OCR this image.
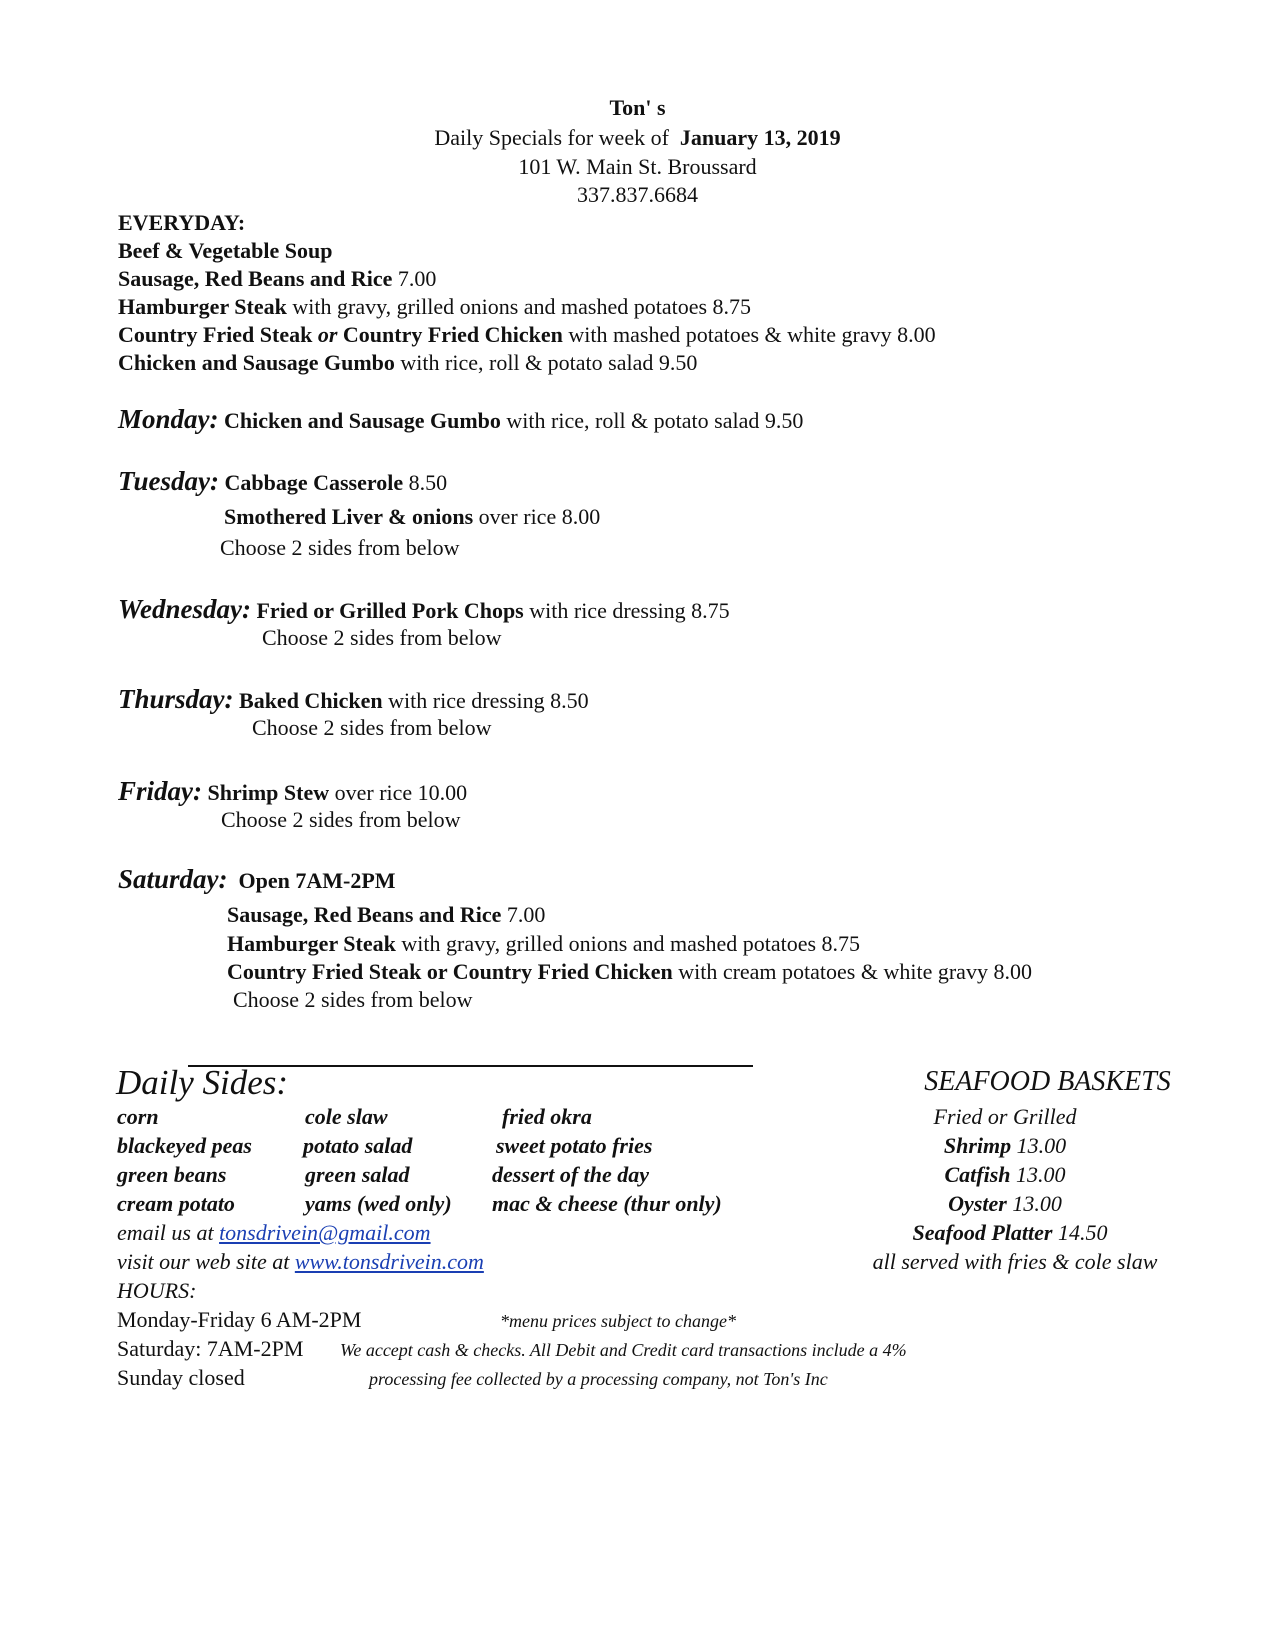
Ton' s
Daily Specials for week of January 13, 2019
101 W. Main St. Broussard
337.837.6684
EVERYDAY:
Beef & Vegetable Soup
Sausage, Red Beans and Rice 7.00
Hamburger Steak with gravy, grilled onions and mashed potatoes 8.75
Country Fried Steak or Country Fried Chicken with mashed potatoes & white gravy 8.00
Chicken and Sausage Gumbo with rice, roll & potato salad 9.50
Monday: Chicken and Sausage Gumbo with rice, roll & potato salad 9.50
Tuesday: Cabbage Casserole 8.50
Smothered Liver & onions over rice 8.00
Choose 2 sides from below
Wednesday: Fried or Grilled Pork Chops with rice dressing 8.75
Choose 2 sides from below
Thursday: Baked Chicken with rice dressing 8.50
Choose 2 sides from below
Friday: Shrimp Stew over rice 10.00
Choose 2 sides from below
Saturday: Open 7AM-2PM
Sausage, Red Beans and Rice 7.00
Hamburger Steak with gravy, grilled onions and mashed potatoes 8.75
Country Fried Steak or Country Fried Chicken with cream potatoes & white gravy 8.00
Choose 2 sides from below
Daily Sides:
corn
blackeyed peas
green beans
cream potato
cole slaw
potato salad
green salad
yams (wed only)
fried okra
sweet potato fries
dessert of the day
mac & cheese (thur only)
SEAFOOD BASKETS
Fried or Grilled
Shrimp 13.00
Catfish 13.00
Oyster 13.00
Seafood Platter 14.50
all served with fries & cole slaw
email us at tonsdrivein@gmail.com
visit our web site at www.tonsdrivein.com
HOURS:
Monday-Friday 6 AM-2PM
Saturday: 7AM-2PM
Sunday closed
*menu prices subject to change*
We accept cash & checks. All Debit and Credit card transactions include a 4%
processing fee collected by a processing company, not Ton's Inc
